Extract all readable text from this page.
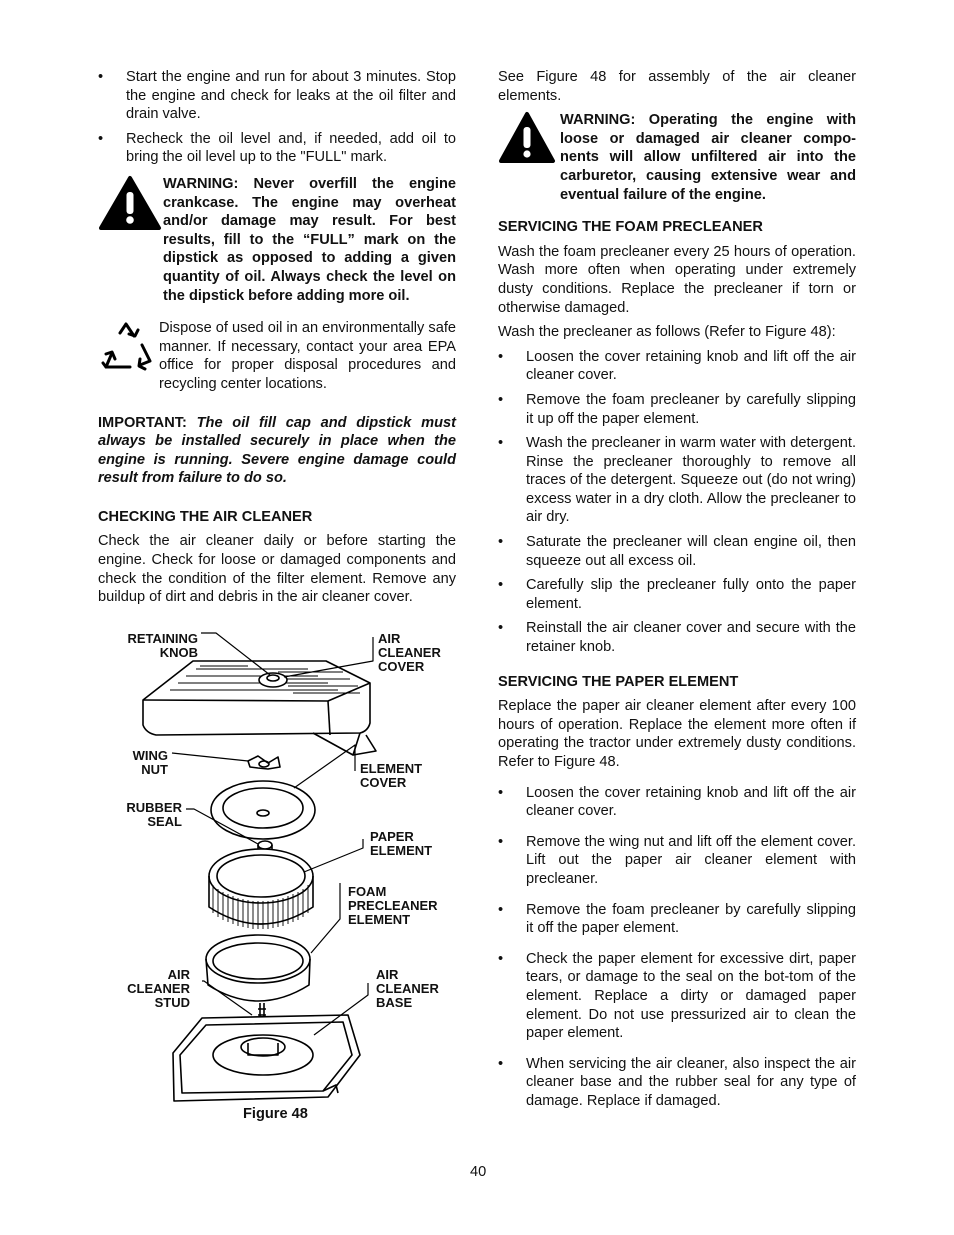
• Start the engine and run for about 3 minutes. Stop the engine and check for leaks at the oil filter and drain valve.
• Recheck the oil level and, if needed, add oil to bring the oil level up to the "FULL" mark.
WARNING: Never overfill the engine crankcase. The engine may overheat and/or damage may result. For best results, fill to the “FULL” mark on the dipstick as opposed to adding a given quantity of oil. Always check the level on the dipstick before adding more oil.
Dispose of used oil in an environmentally safe manner. If necessary, contact your area EPA office for proper disposal procedures and recycling center locations.

IMPORTANT: The oil fill cap and dipstick must always be installed securely in place when the engine is running. Severe engine damage could result from failure to do so.

CHECKING THE AIR CLEANER

Check the air cleaner daily or before starting the engine. Check for loose or damaged components and check the condition of the filter element. Remove any buildup of dirt and debris in the air cleaner cover.

RETAINING
KNOB
AIR
CLEANER
COVER
WING
NUT	ELEMENT
COVER
RUBBER
SEAL
PAPER
ELEMENT
FOAM
PRECLEANER
ELEMENT
AIR
CLEANER
STUD
AIR
CLEANER
BASE
Figure 48

See Figure 48 for assembly of the air cleaner elements.

WARNING: Operating the engine with loose or damaged air cleaner compo-nents will allow unfiltered air into the carburetor, causing extensive wear and eventual failure of the engine.
SERVICING THE FOAM PRECLEANER

Wash the foam precleaner every 25 hours of operation. Wash more often when operating under extremely dusty conditions. Replace the precleaner if torn or otherwise damaged.

Wash the precleaner as follows (Refer to Figure 48):

• Loosen the cover retaining knob and lift off the air cleaner cover.
• Remove the foam precleaner by carefully slipping it up off the paper element.
• Wash the precleaner in warm water with detergent. Rinse the precleaner thoroughly to remove all traces of the detergent. Squeeze out (do not wring) excess water in a dry cloth. Allow the precleaner to air dry.
• Saturate the precleaner will clean engine oil, then squeeze out all excess oil.
• Carefully slip the precleaner fully onto the paper element.
• Reinstall the air cleaner cover and secure with the retainer knob.
SERVICING THE PAPER ELEMENT

Replace the paper air cleaner element after every 100 hours of operation. Replace the element more often if operating the tractor under extremely dusty conditions. Refer to Figure 48.

• Loosen the cover retaining knob and lift off the air cleaner cover.
• Remove the wing nut and lift off the element cover. Lift out the paper air cleaner element with precleaner.
• Remove the foam precleaner by carefully slipping it off the paper element.
• Check the paper element for excessive dirt, paper tears, or damage to the seal on the bot-tom of the element. Replace a dirty or damaged paper element. Do not use pressurized air to clean the paper element.
• When servicing the air cleaner, also inspect the air cleaner base and the rubber seal for any type of damage. Replace if damaged.
40
